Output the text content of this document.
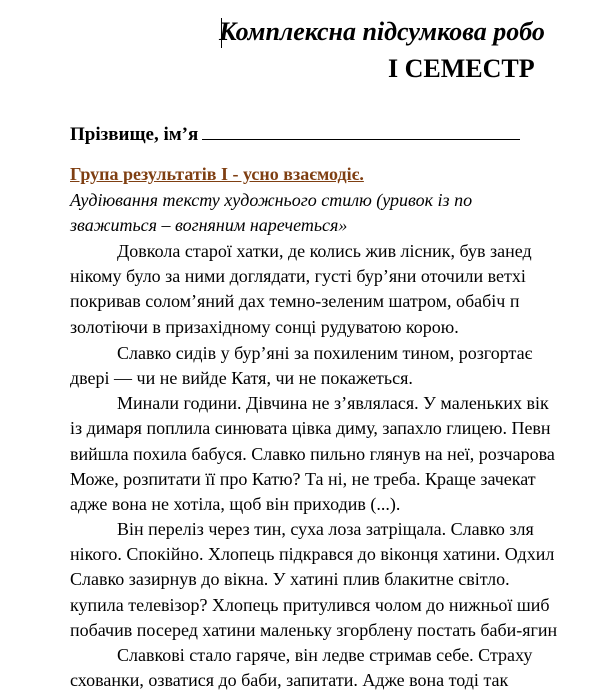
Комплексна підсумкова робо
І СЕМЕСТР
Прізвище, ім’я
Група результатів І - усно взаємодіє.
Аудіювання тексту художнього стилю (уривок із по
зважиться – вогняним наречеться»
Довкола старої хатки, де колись жив лісник, був занед
нікому було за ними доглядати, густі бур’яни оточили ветхі
покривав солом’яний дах темно-зеленим шатром, обабіч п
золотіючи в призахідному сонці рудуватою корою.
Славко сидів у бур’яні за похиленим тином, розгортає
двері — чи не вийде Катя, чи не покажеться.
Минали години. Дівчина не з’являлася. У маленьких вік
із димаря поплила синювата цівка диму, запахло глицею. Певн
вийшла похила бабуся. Славко пильно глянув на неї, розчарова
Може, розпитати її про Катю? Та ні, не треба. Краще зачекат
адже вона не хотіла, щоб він приходив (...).
Він переліз через тин, суха лоза затріщала. Славко зля
нікого. Спокійно. Хлопець підкрався до віконця хатини. Одхил
Славко зазирнув до вікна. У хатині плив блакитне світло.
купила телевізор? Хлопець притулився чолом до нижньої шиб
побачив посеред хатини маленьку згорблену постать баби-ягин
Славкові стало гаряче, він ледве стримав себе. Страху
схованки, озватися до баби, запитати. Адже вона тоді так
